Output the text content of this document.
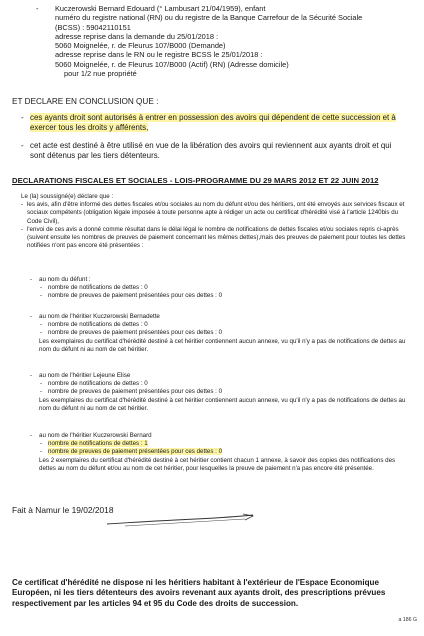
- Kuczerowski Bernard Edouard (° Lambusart 21/04/1959), enfant
numéro du registre national (RN) ou du registre de la Banque Carrefour de la Sécurité Sociale
(BCSS) : 59042110151
adresse reprise dans la demande du 25/01/2018 :
5060 Moignelée, r. de Fleurus 107/B000 (Demande)
adresse reprise dans le RN ou le registre BCSS le 25/01/2018 :
5060 Moignelée, r. de Fleurus 107/B000 (Actif) (RN) (Adresse domicile)
pour 1/2 nue propriété
ET DECLARE EN CONCLUSION QUE :
- ces ayants droit sont autorisés à entrer en possession des avoirs qui dépendent de cette succession et à exercer tous les droits y afférents,
- cet acte est destiné à être utilisé en vue de la libération des avoirs qui reviennent aux ayants droit et qui sont détenus par les tiers détenteurs.
DECLARATIONS FISCALES ET SOCIALES - LOIS-PROGRAMME DU 29 MARS 2012 ET 22 JUIN 2012
Le (la) soussigné(e) déclare que :
- les avis, afin d'être informé des dettes fiscales et/ou sociales au nom du défunt et/ou des héritiers, ont été envoyés aux services fiscaux et sociaux compétents (obligation légale imposée à toute personne apte à rédiger un acte ou certificat d'hérédité visé à l'article 1240bis du Code Civil),
- l'envoi de ces avis a donné comme résultat dans le délai légal le nombre de notifications de dettes fiscales et/ou sociales repris ci-après (suivent ensuite les nombres de preuves de paiement concernant les mêmes dettes),mais des preuves de paiement pour toutes les dettes notifiées n'ont pas encore été présentées :
- au nom du défunt :
- nombre de notifications de dettes : 0
- nombre de preuves de paiement présentées pour ces dettes : 0
- au nom de l'héritier Kuczerowski Bernadette
- nombre de notifications de dettes : 0
- nombre de preuves de paiement présentées pour ces dettes : 0
Les exemplaires du certificat d'hérédité destiné à cet héritier contiennent aucun annexe, vu qu'il n'y a pas de notifications de dettes au nom du défunt ni au nom de cet héritier.
- au nom de l'héritier Lejeune Elise
- nombre de notifications de dettes : 0
- nombre de preuves de paiement présentées pour ces dettes : 0
Les exemplaires du certificat d'hérédité destiné à cet héritier contiennent aucun annexe, vu qu'il n'y a pas de notifications de dettes au nom du défunt ni au nom de cet héritier.
- au nom de l'héritier Kuczerowski Bernard
- nombre de notifications de dettes : 1
- nombre de preuves de paiement présentées pour ces dettes : 0
Les 2 exemplaires du certificat d'hérédité destiné à cet héritier contient chacun 1 annexe, à savoir des copies des notifications des dettes au nom du défunt et/ou au nom de cet héritier, pour lesquelles la preuve de paiement n'a pas encore été présentée.
Fait à Namur le 19/02/2018
Ce certificat d'hérédité ne dispose ni les héritiers habitant à l'extérieur de l'Espace Economique Européen, ni les tiers détenteurs des avoirs revenant aux ayants droit, des prescriptions prévues respectivement par les articles 94 et 95 du Code des droits de succession.
a 186 G
